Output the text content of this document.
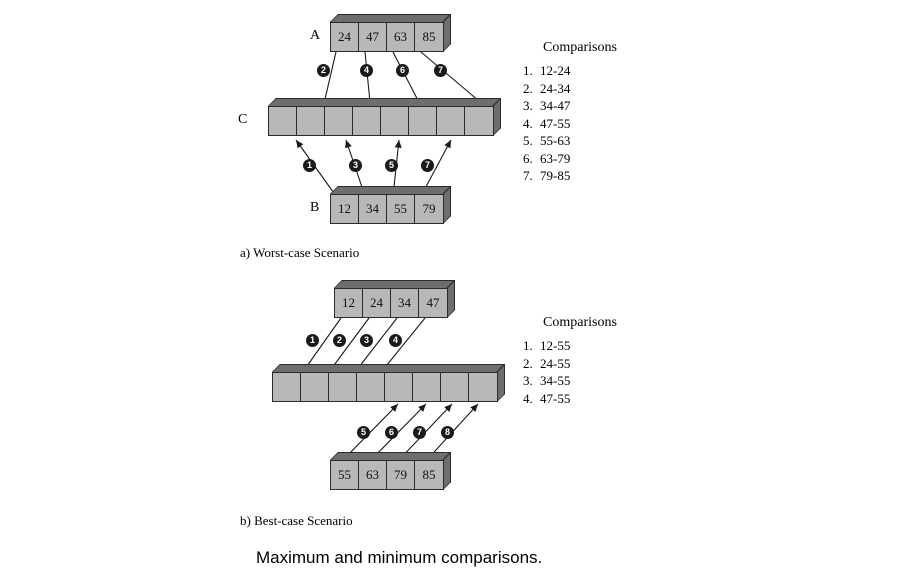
A	24	47	63	85
C
B	12	34	55	79
2	4	6	7
1	3	5	7
Comparisons
1. 12-24
2. 24-34
3. 34-47
4. 47-55
5. 55-63
6. 63-79
7. 79-85
a) Worst-case Scenario
12	24	34	47
55	63	79	85
1	2	3	4
5	6	7	8
Comparisons
1. 12-55
2. 24-55
3. 34-55
4. 47-55
b) Best-case Scenario
Maximum and minimum comparisons.
